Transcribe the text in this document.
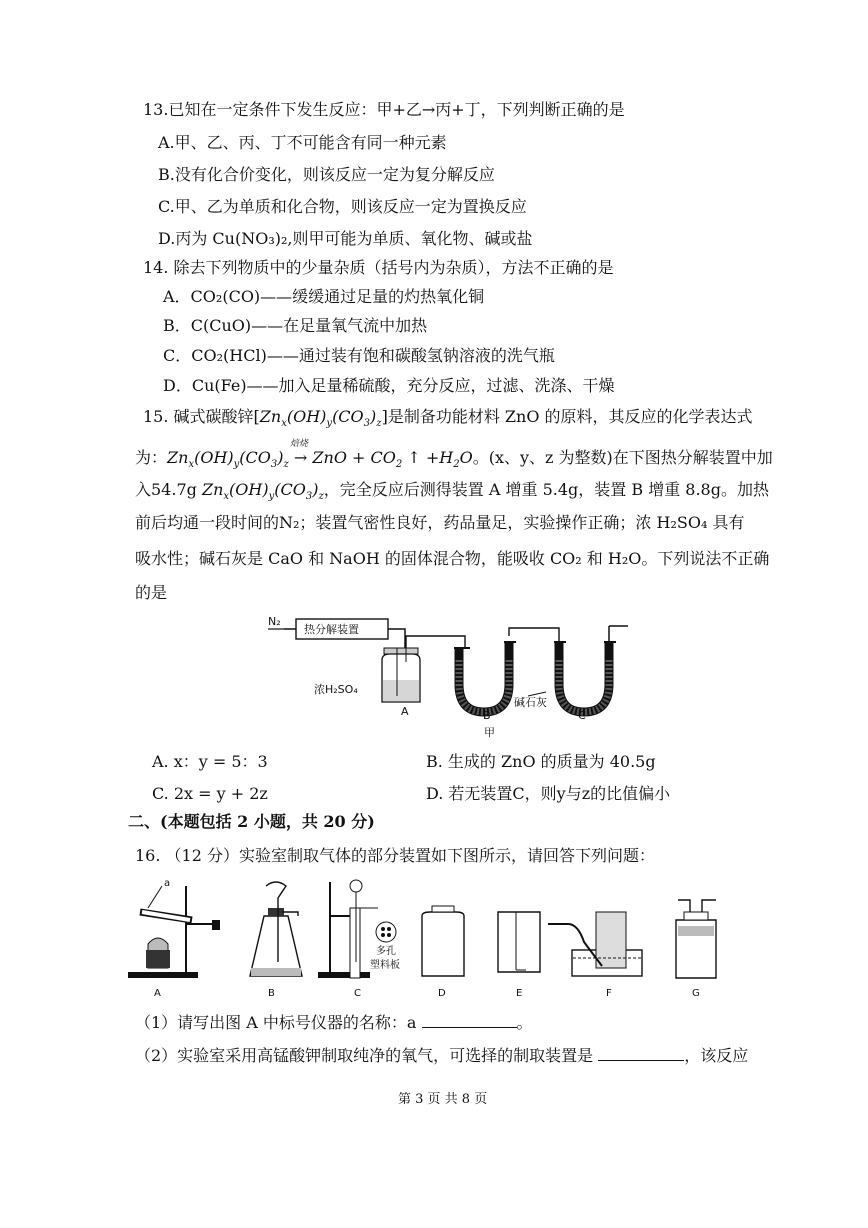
13.已知在一定条件下发生反应：甲+乙→丙+丁，下列判断正确的是
A.甲、乙、丙、丁不可能含有同一种元素
B.没有化合价变化，则该反应一定为复分解反应
C.甲、乙为单质和化合物，则该反应一定为置换反应
D.丙为 Cu(NO₃)₂,则甲可能为单质、氧化物、碱或盐
14. 除去下列物质中的少量杂质（括号内为杂质），方法不正确的是
A．CO₂(CO)——缓缓通过足量的灼热氧化铜
B．C(CuO)——在足量氧气流中加热
C．CO₂(HCl)——通过装有饱和碳酸氢钠溶液的洗气瓶
D．Cu(Fe)——加入足量稀硫酸，充分反应，过滤、洗涤、干燥
15. 碱式碳酸锌$[Zn_x(OH)_y(CO_3)_z]$是制备功能材料 ZnO 的原料，其反应的化学表达式
为：$Zn_x(OH)_y(CO_3)_z$
焙烧
→ ZnO + $CO_2$ ↑ $+H_2O$。(x、y、z 为整数)在下图热分解装置中加
入54.7g $Zn_x(OH)_y(CO_3)_z$，完全反应后测得装置 A 增重 5.4g，装置 B 增重 8.8g。加热
前后均通一段时间的N₂；装置气密性良好，药品量足，实验操作正确；浓 H₂SO₄ 具有
吸水性；碱石灰是 CaO 和 NaOH 的固体混合物，能吸收 CO₂ 和 H₂O。下列说法不正确
的是
N₂
热分解装置
浓H₂SO₄
A	B
碱石灰
C
甲
A. x：y = 5：3	B. 生成的 ZnO 的质量为 40.5g
C. 2x = y + 2z	D. 若无装置C，则y与z的比值偏小
二、(本题包括 2 小题，共 20 分)
16. （12 分）实验室制取气体的部分装置如下图所示，请回答下列问题：
a
A	B
多孔
塑料板
C	D	E	F	G
（1）请写出图 A 中标号仪器的名称：a	。
（2）实验室采用高锰酸钾制取纯净的氧气，可选择的制取装置是	，该反应
第 3 页 共 8 页
